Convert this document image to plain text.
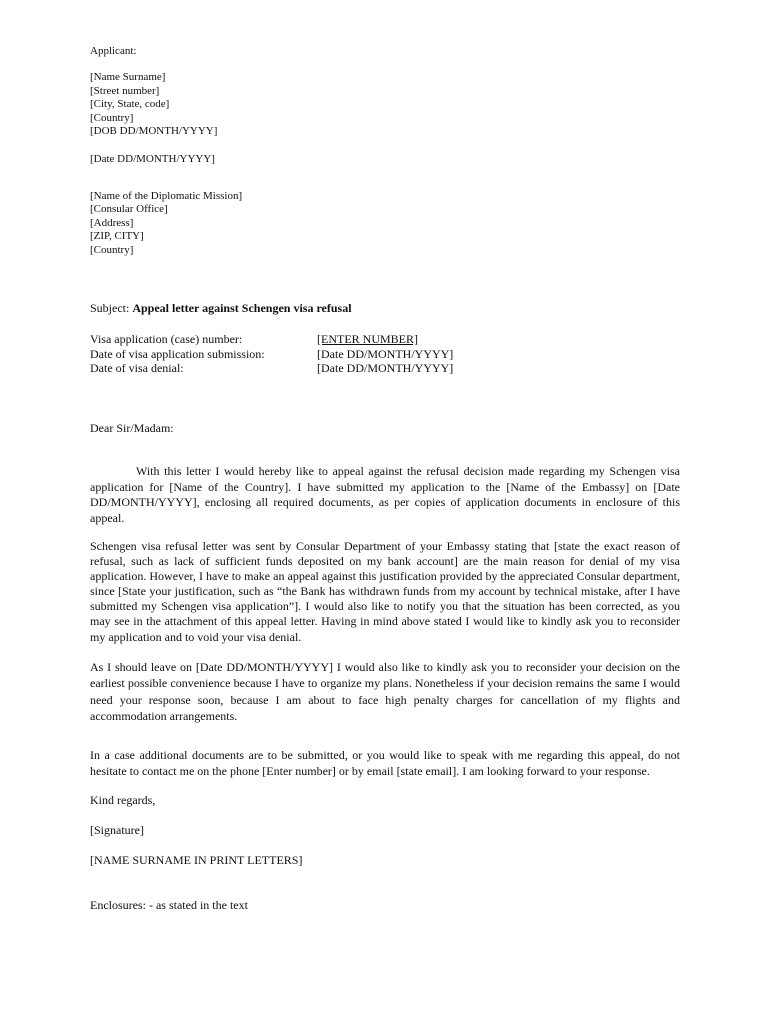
Applicant:
[Name Surname]
[Street number]
[City, State, code]
[Country]
[DOB DD/MONTH/YYYY]
[Date DD/MONTH/YYYY]
[Name of the Diplomatic Mission]
[Consular Office]
[Address]
[ZIP, CITY]
[Country]
Subject: Appeal letter against Schengen visa refusal
Visa application (case) number:	[ENTER NUMBER]
Date of visa application submission:	[Date DD/MONTH/YYYY]
Date of visa denial:	[Date DD/MONTH/YYYY]
Dear Sir/Madam:

With this letter I would hereby like to appeal against the refusal decision made regarding my Schengen visa application for [Name of the Country]. I have submitted my application to the [Name of the Embassy] on [Date DD/MONTH/YYYY], enclosing all required documents, as per copies of application documents in enclosure of this appeal.

Schengen visa refusal letter was sent by Consular Department of your Embassy stating that [state the exact reason of refusal, such as lack of sufficient funds deposited on my bank account] are the main reason for denial of my visa application. However, I have to make an appeal against this justification provided by the appreciated Consular department, since [State your justification, such as “the Bank has withdrawn funds from my account by technical mistake, after I have submitted my Schengen visa application”]. I would also like to notify you that the situation has been corrected, as you may see in the attachment of this appeal letter. Having in mind above stated I would like to kindly ask you to reconsider my application and to void your visa denial.

As I should leave on [Date DD/MONTH/YYYY] I would also like to kindly ask you to reconsider your decision on the earliest possible convenience because I have to organize my plans. Nonetheless if your decision remains the same I would need your response soon, because I am about to face high penalty charges for cancellation of my flights and accommodation arrangements.

In a case additional documents are to be submitted, or you would like to speak with me regarding this appeal, do not hesitate to contact me on the phone [Enter number] or by email [state email]. I am looking forward to your response.

Kind regards,
[Signature]
[NAME SURNAME IN PRINT LETTERS]
Enclosures: - as stated in the text
